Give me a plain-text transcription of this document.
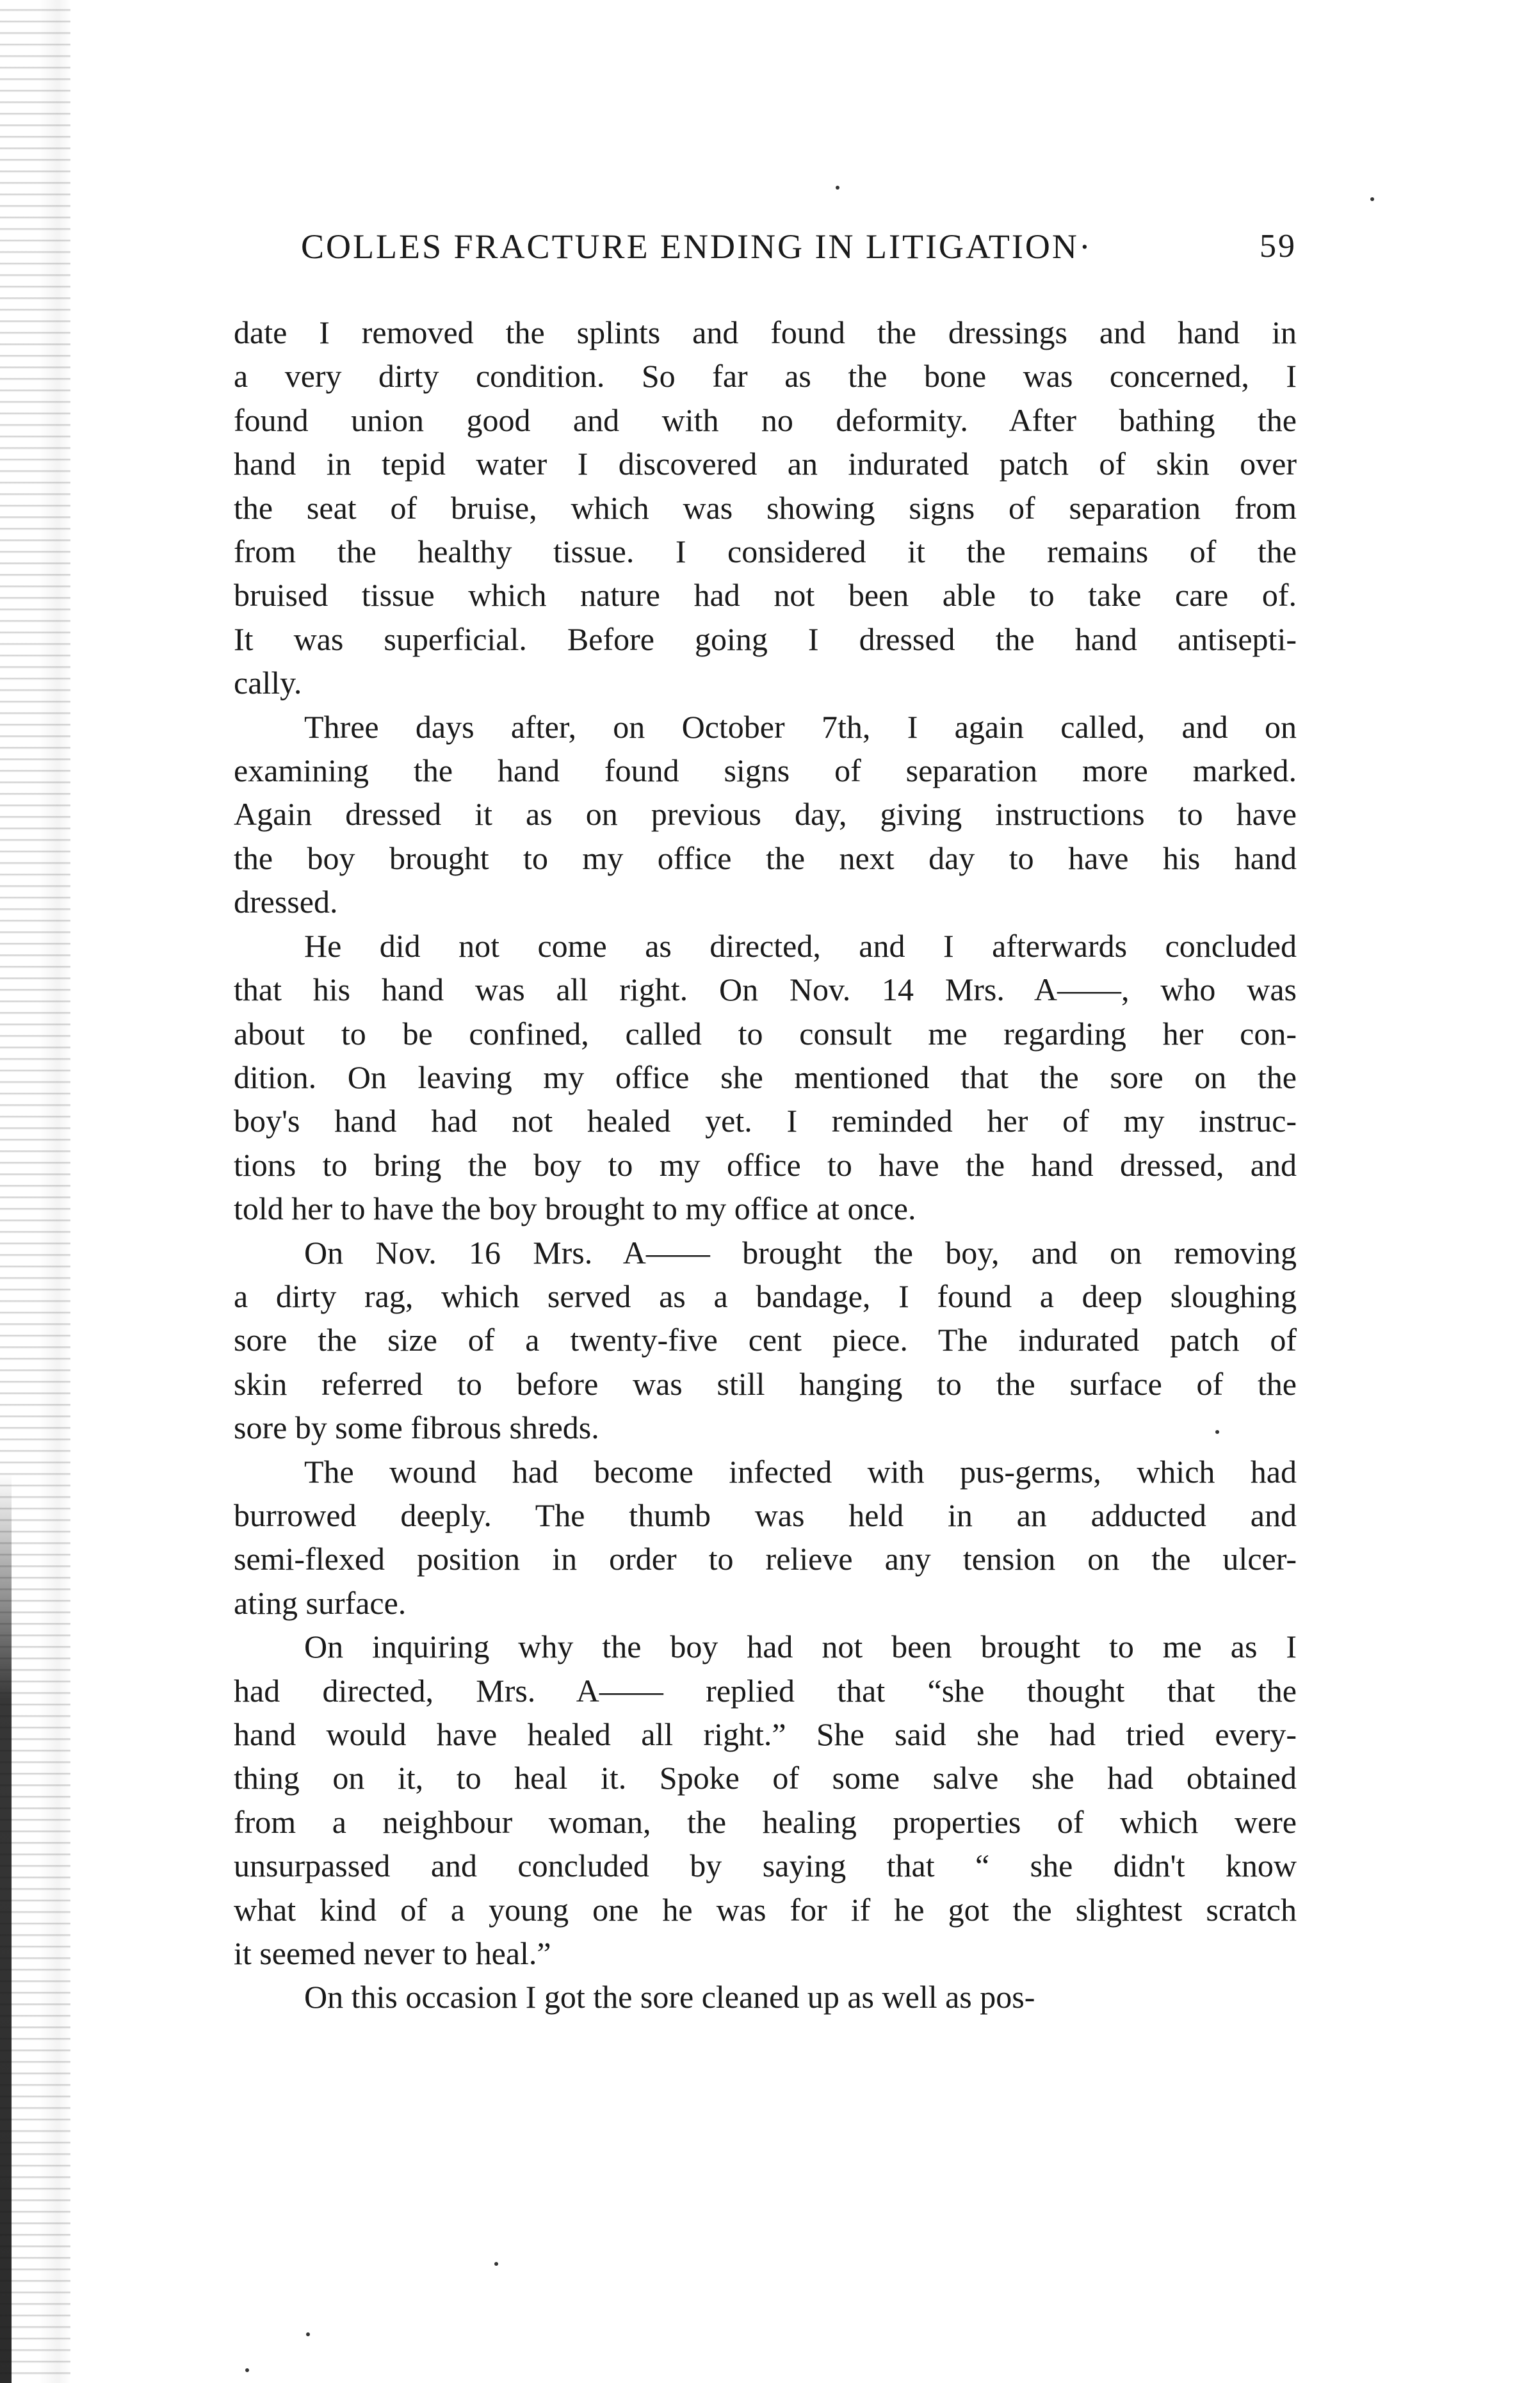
COLLES FRACTURE ENDING IN LITIGATION·	59

date I removed the splints and found the dressings and hand in
a very dirty condition. So far as the bone was concerned, I
found union good and with no deformity. After bathing the
hand in tepid water I discovered an indurated patch of skin over
the seat of bruise, which was showing signs of separation from
from the healthy tissue. I considered it the remains of the
bruised tissue which nature had not been able to take care of.
It was superficial. Before going I dressed the hand antisepti-
cally.

Three days after, on October 7th, I again called, and on
examining the hand found signs of separation more marked.
Again dressed it as on previous day, giving instructions to have
the boy brought to my office the next day to have his hand
dressed.

He did not come as directed, and I afterwards concluded
that his hand was all right. On Nov. 14 Mrs. A——, who was
about to be confined, called to consult me regarding her con-
dition. On leaving my office she mentioned that the sore on the
boy's hand had not healed yet. I reminded her of my instruc-
tions to bring the boy to my office to have the hand dressed, and
told her to have the boy brought to my office at once.

On Nov. 16 Mrs. A—— brought the boy, and on removing
a dirty rag, which served as a bandage, I found a deep sloughing
sore the size of a twenty-five cent piece. The indurated patch of
skin referred to before was still hanging to the surface of the
sore by some fibrous shreds.

The wound had become infected with pus-germs, which had
burrowed deeply. The thumb was held in an adducted and
semi-flexed position in order to relieve any tension on the ulcer-
ating surface.

On inquiring why the boy had not been brought to me as I
had directed, Mrs. A—— replied that “she thought that the
hand would have healed all right.” She said she had tried every-
thing on it, to heal it. Spoke of some salve she had obtained
from a neighbour woman, the healing properties of which were
unsurpassed and concluded by saying that “ she didn't know
what kind of a young one he was for if he got the slightest scratch
it seemed never to heal.”

On this occasion I got the sore cleaned up as well as pos-
